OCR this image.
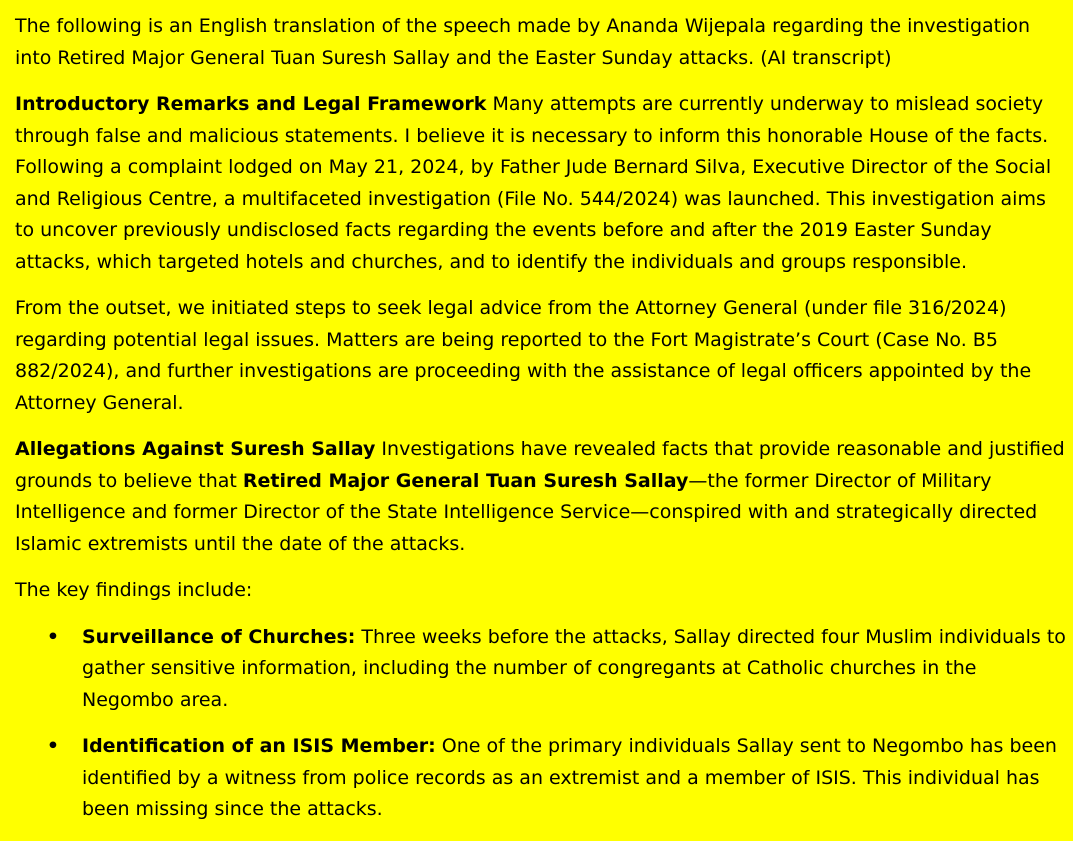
The following is an English translation of the speech made by Ananda Wijepala regarding the investigation into Retired Major General Tuan Suresh Sallay and the Easter Sunday attacks. (AI transcript)

Introductory Remarks and Legal Framework Many attempts are currently underway to mislead society through false and malicious statements. I believe it is necessary to inform this honorable House of the facts. Following a complaint lodged on May 21, 2024, by Father Jude Bernard Silva, Executive Director of the Social and Religious Centre, a multifaceted investigation (File No. 544/2024) was launched. This investigation aims to uncover previously undisclosed facts regarding the events before and after the 2019 Easter Sunday attacks, which targeted hotels and churches, and to identify the individuals and groups responsible.

From the outset, we initiated steps to seek legal advice from the Attorney General (under file 316/2024) regarding potential legal issues. Matters are being reported to the Fort Magistrate’s Court (Case No. B5 882/2024), and further investigations are proceeding with the assistance of legal officers appointed by the Attorney General.

Allegations Against Suresh Sallay Investigations have revealed facts that provide reasonable and justified grounds to believe that Retired Major General Tuan Suresh Sallay—the former Director of Military Intelligence and former Director of the State Intelligence Service—conspired with and strategically directed Islamic extremists until the date of the attacks.

The key findings include:

• Surveillance of Churches: Three weeks before the attacks, Sallay directed four Muslim individuals to gather sensitive information, including the number of congregants at Catholic churches in the Negombo area.
• Identification of an ISIS Member: One of the primary individuals Sallay sent to Negombo has been identified by a witness from police records as an extremist and a member of ISIS. This individual has been missing since the attacks.
